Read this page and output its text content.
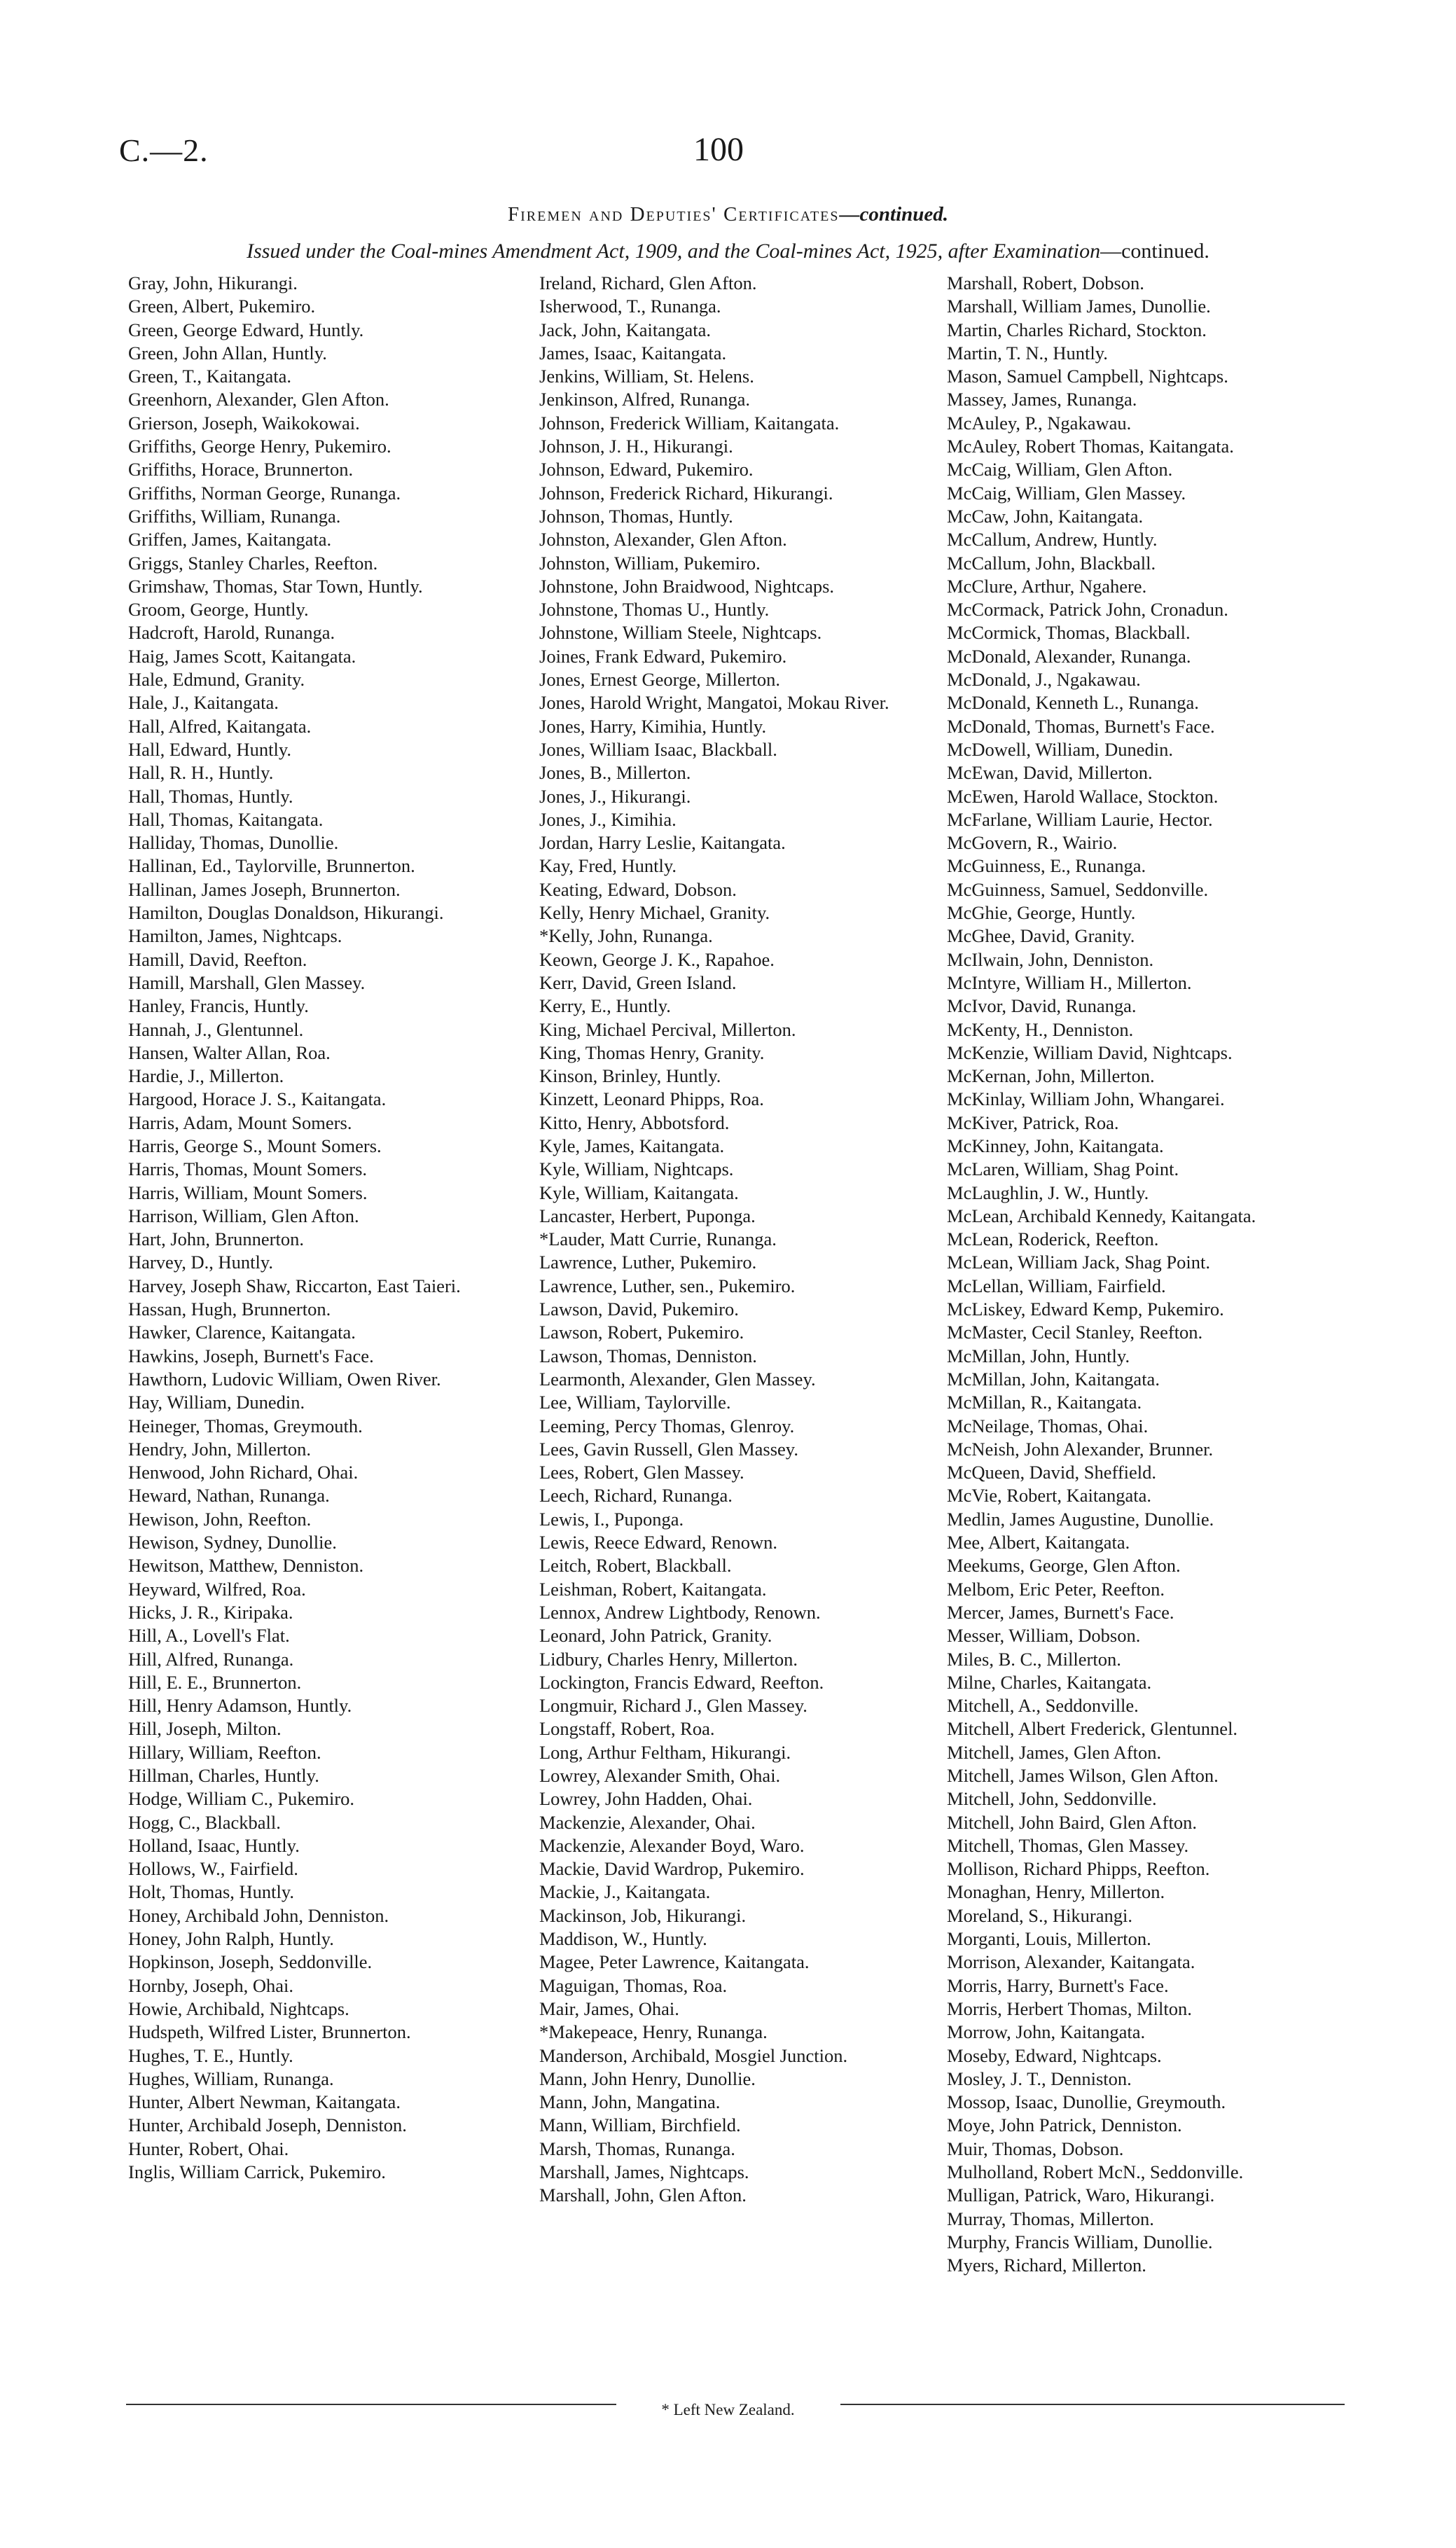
C.—2.	100
Firemen and Deputies' Certificates—continued.
Issued under the Coal-mines Amendment Act, 1909, and the Coal-mines Act, 1925, after Examination—continued.
Gray, John, Hikurangi.
Green, Albert, Pukemiro.
Green, George Edward, Huntly.
Green, John Allan, Huntly.
Green, T., Kaitangata.
Greenhorn, Alexander, Glen Afton.
Grierson, Joseph, Waikokowai.
Griffiths, George Henry, Pukemiro.
Griffiths, Horace, Brunnerton.
Griffiths, Norman George, Runanga.
Griffiths, William, Runanga.
Griffen, James, Kaitangata.
Griggs, Stanley Charles, Reefton.
Grimshaw, Thomas, Star Town, Huntly.
Groom, George, Huntly.
Hadcroft, Harold, Runanga.
Haig, James Scott, Kaitangata.
Hale, Edmund, Granity.
Hale, J., Kaitangata.
Hall, Alfred, Kaitangata.
Hall, Edward, Huntly.
Hall, R. H., Huntly.
Hall, Thomas, Huntly.
Hall, Thomas, Kaitangata.
Halliday, Thomas, Dunollie.
Hallinan, Ed., Taylorville, Brunnerton.
Hallinan, James Joseph, Brunnerton.
Hamilton, Douglas Donaldson, Hikurangi.
Hamilton, James, Nightcaps.
Hamill, David, Reefton.
Hamill, Marshall, Glen Massey.
Hanley, Francis, Huntly.
Hannah, J., Glentunnel.
Hansen, Walter Allan, Roa.
Hardie, J., Millerton.
Hargood, Horace J. S., Kaitangata.
Harris, Adam, Mount Somers.
Harris, George S., Mount Somers.
Harris, Thomas, Mount Somers.
Harris, William, Mount Somers.
Harrison, William, Glen Afton.
Hart, John, Brunnerton.
Harvey, D., Huntly.
Harvey, Joseph Shaw, Riccarton, East Taieri.
Hassan, Hugh, Brunnerton.
Hawker, Clarence, Kaitangata.
Hawkins, Joseph, Burnett's Face.
Hawthorn, Ludovic William, Owen River.
Hay, William, Dunedin.
Heineger, Thomas, Greymouth.
Hendry, John, Millerton.
Henwood, John Richard, Ohai.
Heward, Nathan, Runanga.
Hewison, John, Reefton.
Hewison, Sydney, Dunollie.
Hewitson, Matthew, Denniston.
Heyward, Wilfred, Roa.
Hicks, J. R., Kiripaka.
Hill, A., Lovell's Flat.
Hill, Alfred, Runanga.
Hill, E. E., Brunnerton.
Hill, Henry Adamson, Huntly.
Hill, Joseph, Milton.
Hillary, William, Reefton.
Hillman, Charles, Huntly.
Hodge, William C., Pukemiro.
Hogg, C., Blackball.
Holland, Isaac, Huntly.
Hollows, W., Fairfield.
Holt, Thomas, Huntly.
Honey, Archibald John, Denniston.
Honey, John Ralph, Huntly.
Hopkinson, Joseph, Seddonville.
Hornby, Joseph, Ohai.
Howie, Archibald, Nightcaps.
Hudspeth, Wilfred Lister, Brunnerton.
Hughes, T. E., Huntly.
Hughes, William, Runanga.
Hunter, Albert Newman, Kaitangata.
Hunter, Archibald Joseph, Denniston.
Hunter, Robert, Ohai.
Inglis, William Carrick, Pukemiro.
Ireland, Richard, Glen Afton.
Isherwood, T., Runanga.
Jack, John, Kaitangata.
James, Isaac, Kaitangata.
Jenkins, William, St. Helens.
Jenkinson, Alfred, Runanga.
Johnson, Frederick William, Kaitangata.
Johnson, J. H., Hikurangi.
Johnson, Edward, Pukemiro.
Johnson, Frederick Richard, Hikurangi.
Johnson, Thomas, Huntly.
Johnston, Alexander, Glen Afton.
Johnston, William, Pukemiro.
Johnstone, John Braidwood, Nightcaps.
Johnstone, Thomas U., Huntly.
Johnstone, William Steele, Nightcaps.
Joines, Frank Edward, Pukemiro.
Jones, Ernest George, Millerton.
Jones, Harold Wright, Mangatoi, Mokau River.
Jones, Harry, Kimihia, Huntly.
Jones, William Isaac, Blackball.
Jones, B., Millerton.
Jones, J., Hikurangi.
Jones, J., Kimihia.
Jordan, Harry Leslie, Kaitangata.
Kay, Fred, Huntly.
Keating, Edward, Dobson.
Kelly, Henry Michael, Granity.
*Kelly, John, Runanga.
Keown, George J. K., Rapahoe.
Kerr, David, Green Island.
Kerry, E., Huntly.
King, Michael Percival, Millerton.
King, Thomas Henry, Granity.
Kinson, Brinley, Huntly.
Kinzett, Leonard Phipps, Roa.
Kitto, Henry, Abbotsford.
Kyle, James, Kaitangata.
Kyle, William, Nightcaps.
Kyle, William, Kaitangata.
Lancaster, Herbert, Puponga.
*Lauder, Matt Currie, Runanga.
Lawrence, Luther, Pukemiro.
Lawrence, Luther, sen., Pukemiro.
Lawson, David, Pukemiro.
Lawson, Robert, Pukemiro.
Lawson, Thomas, Denniston.
Learmonth, Alexander, Glen Massey.
Lee, William, Taylorville.
Leeming, Percy Thomas, Glenroy.
Lees, Gavin Russell, Glen Massey.
Lees, Robert, Glen Massey.
Leech, Richard, Runanga.
Lewis, I., Puponga.
Lewis, Reece Edward, Renown.
Leitch, Robert, Blackball.
Leishman, Robert, Kaitangata.
Lennox, Andrew Lightbody, Renown.
Leonard, John Patrick, Granity.
Lidbury, Charles Henry, Millerton.
Lockington, Francis Edward, Reefton.
Longmuir, Richard J., Glen Massey.
Longstaff, Robert, Roa.
Long, Arthur Feltham, Hikurangi.
Lowrey, Alexander Smith, Ohai.
Lowrey, John Hadden, Ohai.
Mackenzie, Alexander, Ohai.
Mackenzie, Alexander Boyd, Waro.
Mackie, David Wardrop, Pukemiro.
Mackie, J., Kaitangata.
Mackinson, Job, Hikurangi.
Maddison, W., Huntly.
Magee, Peter Lawrence, Kaitangata.
Maguigan, Thomas, Roa.
Mair, James, Ohai.
*Makepeace, Henry, Runanga.
Manderson, Archibald, Mosgiel Junction.
Mann, John Henry, Dunollie.
Mann, John, Mangatina.
Mann, William, Birchfield.
Marsh, Thomas, Runanga.
Marshall, James, Nightcaps.
Marshall, John, Glen Afton.
Marshall, Robert, Dobson.
Marshall, William James, Dunollie.
Martin, Charles Richard, Stockton.
Martin, T. N., Huntly.
Mason, Samuel Campbell, Nightcaps.
Massey, James, Runanga.
McAuley, P., Ngakawau.
McAuley, Robert Thomas, Kaitangata.
McCaig, William, Glen Afton.
McCaig, William, Glen Massey.
McCaw, John, Kaitangata.
McCallum, Andrew, Huntly.
McCallum, John, Blackball.
McClure, Arthur, Ngahere.
McCormack, Patrick John, Cronadun.
McCormick, Thomas, Blackball.
McDonald, Alexander, Runanga.
McDonald, J., Ngakawau.
McDonald, Kenneth L., Runanga.
McDonald, Thomas, Burnett's Face.
McDowell, William, Dunedin.
McEwan, David, Millerton.
McEwen, Harold Wallace, Stockton.
McFarlane, William Laurie, Hector.
McGovern, R., Wairio.
McGuinness, E., Runanga.
McGuinness, Samuel, Seddonville.
McGhie, George, Huntly.
McGhee, David, Granity.
McIlwain, John, Denniston.
McIntyre, William H., Millerton.
McIvor, David, Runanga.
McKenty, H., Denniston.
McKenzie, William David, Nightcaps.
McKernan, John, Millerton.
McKinlay, William John, Whangarei.
McKiver, Patrick, Roa.
McKinney, John, Kaitangata.
McLaren, William, Shag Point.
McLaughlin, J. W., Huntly.
McLean, Archibald Kennedy, Kaitangata.
McLean, Roderick, Reefton.
McLean, William Jack, Shag Point.
McLellan, William, Fairfield.
McLiskey, Edward Kemp, Pukemiro.
McMaster, Cecil Stanley, Reefton.
McMillan, John, Huntly.
McMillan, John, Kaitangata.
McMillan, R., Kaitangata.
McNeilage, Thomas, Ohai.
McNeish, John Alexander, Brunner.
McQueen, David, Sheffield.
McVie, Robert, Kaitangata.
Medlin, James Augustine, Dunollie.
Mee, Albert, Kaitangata.
Meekums, George, Glen Afton.
Melbom, Eric Peter, Reefton.
Mercer, James, Burnett's Face.
Messer, William, Dobson.
Miles, B. C., Millerton.
Milne, Charles, Kaitangata.
Mitchell, A., Seddonville.
Mitchell, Albert Frederick, Glentunnel.
Mitchell, James, Glen Afton.
Mitchell, James Wilson, Glen Afton.
Mitchell, John, Seddonville.
Mitchell, John Baird, Glen Afton.
Mitchell, Thomas, Glen Massey.
Mollison, Richard Phipps, Reefton.
Monaghan, Henry, Millerton.
Moreland, S., Hikurangi.
Morganti, Louis, Millerton.
Morrison, Alexander, Kaitangata.
Morris, Harry, Burnett's Face.
Morris, Herbert Thomas, Milton.
Morrow, John, Kaitangata.
Moseby, Edward, Nightcaps.
Mosley, J. T., Denniston.
Mossop, Isaac, Dunollie, Greymouth.
Moye, John Patrick, Denniston.
Muir, Thomas, Dobson.
Mulholland, Robert McN., Seddonville.
Mulligan, Patrick, Waro, Hikurangi.
Murray, Thomas, Millerton.
Murphy, Francis William, Dunollie.
Myers, Richard, Millerton.
* Left New Zealand.
